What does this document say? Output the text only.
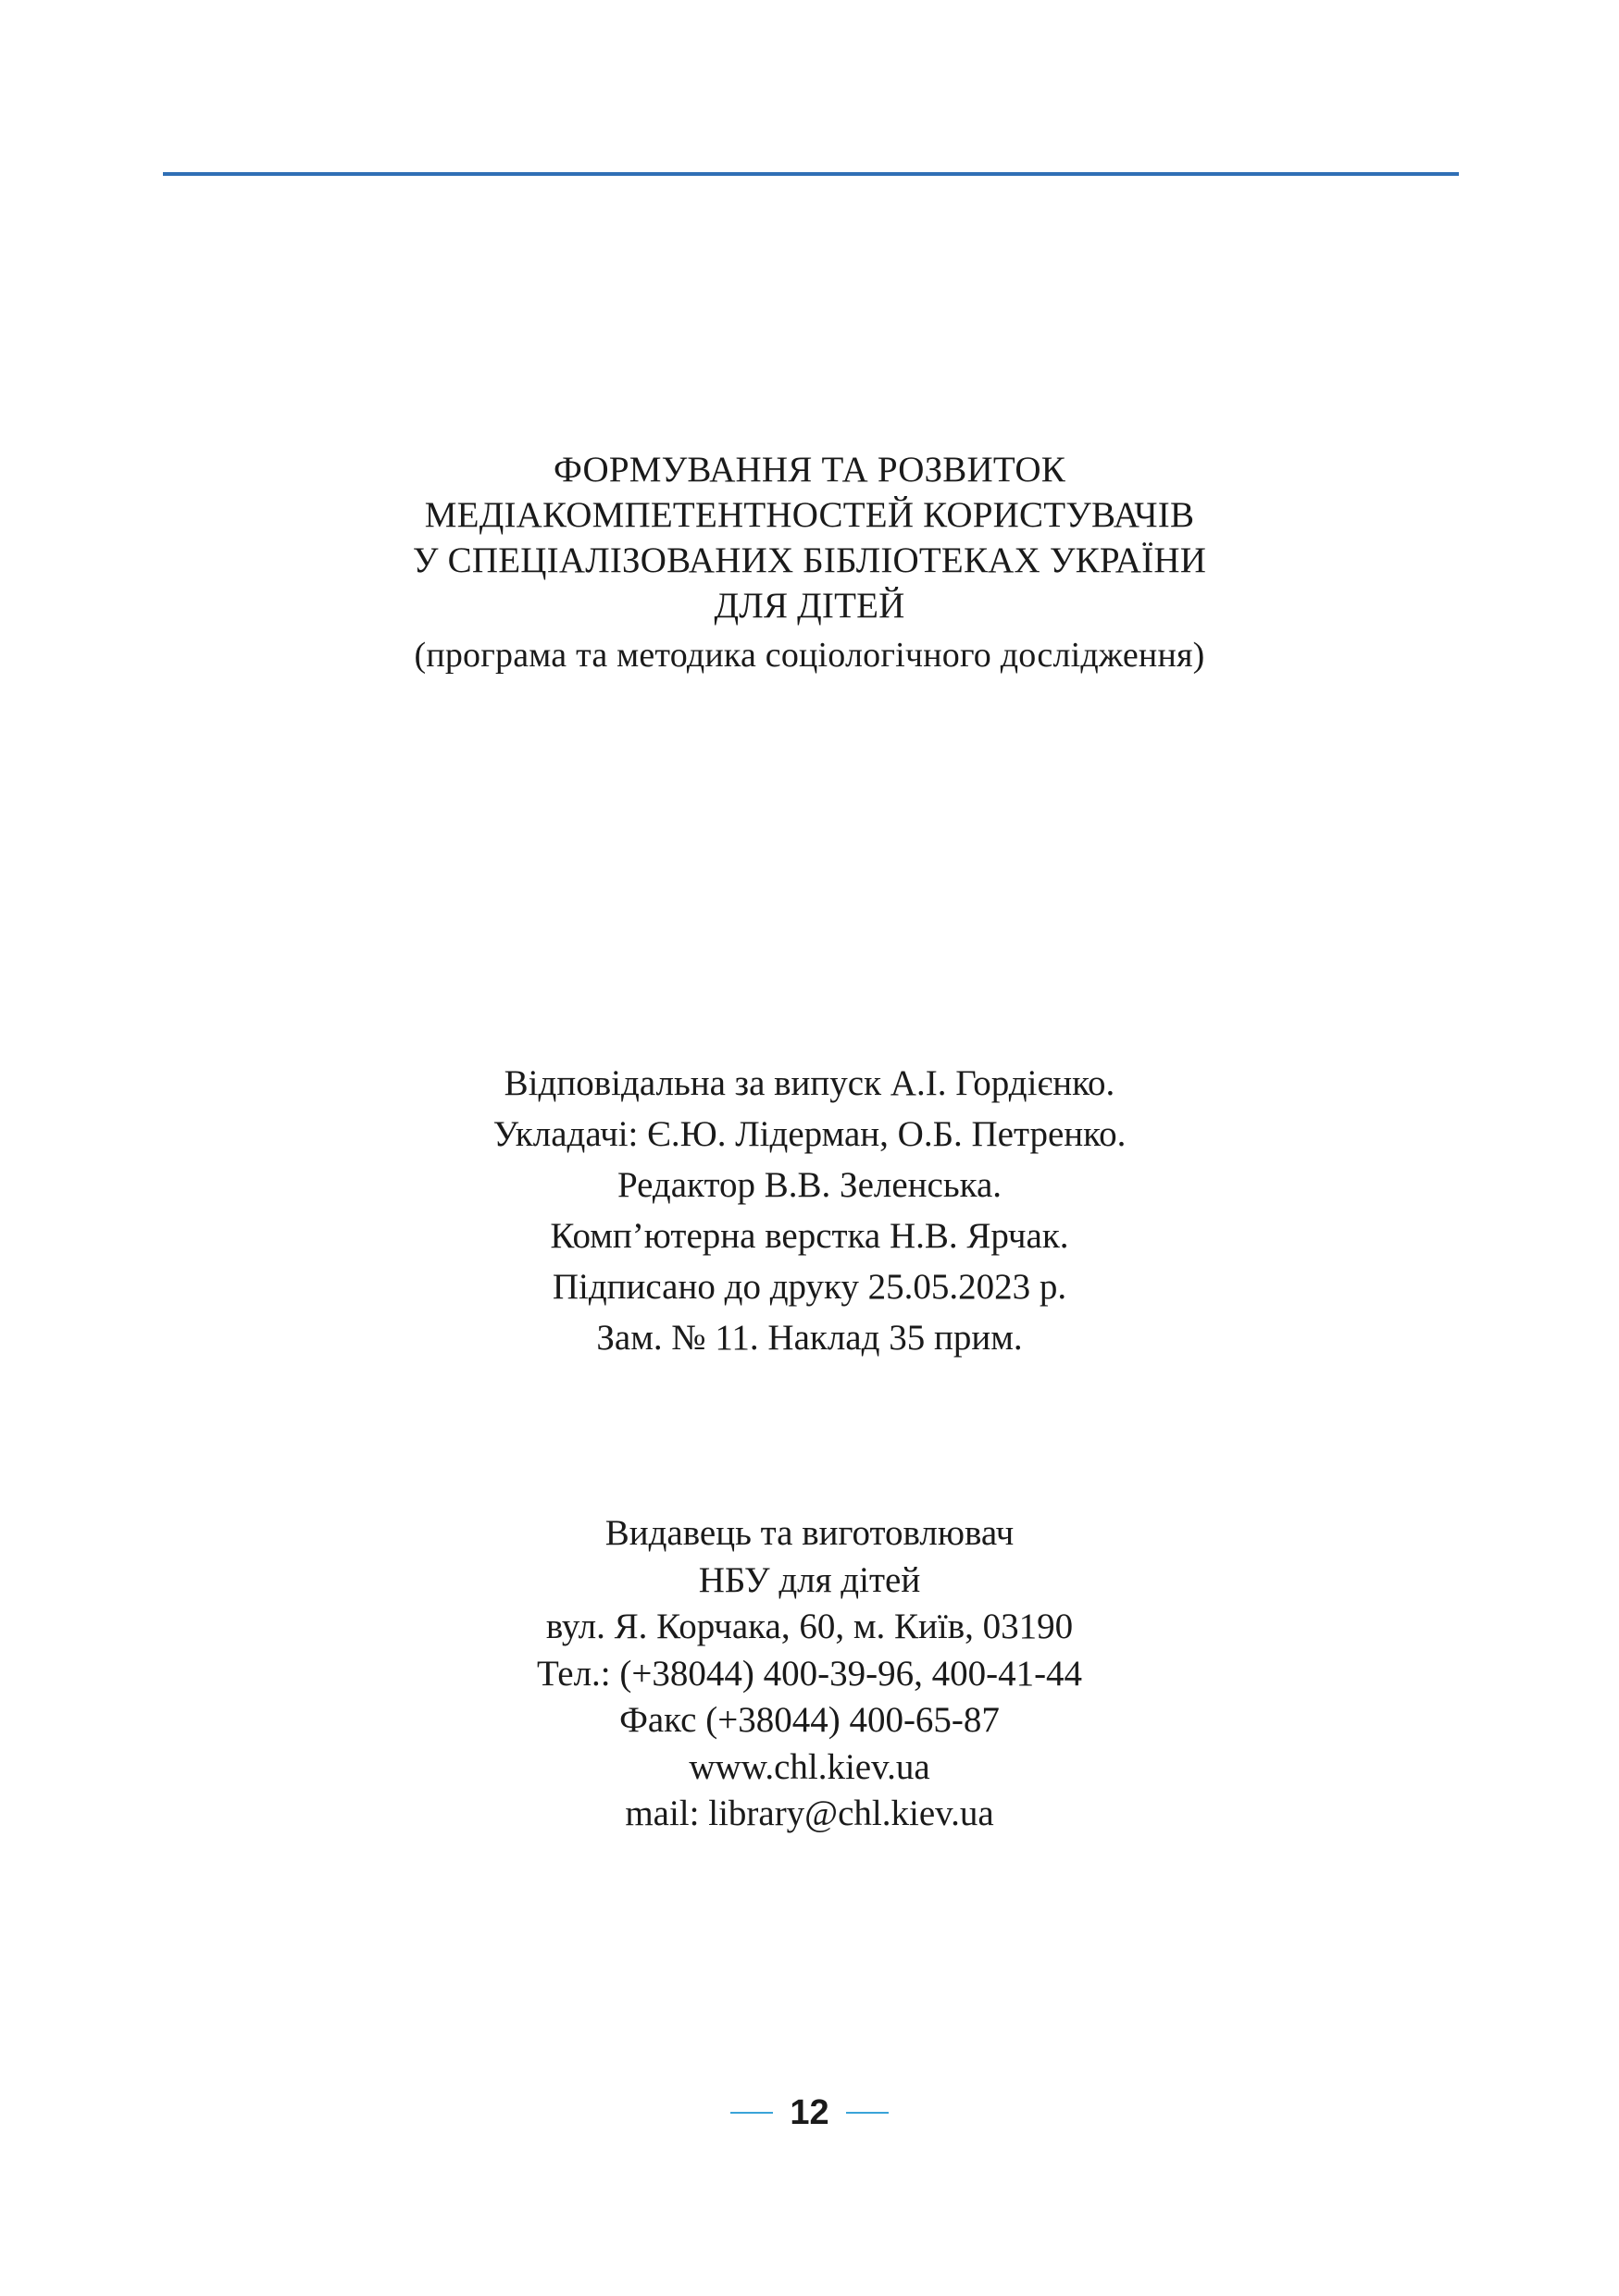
ФОРМУВАННЯ ТА РОЗВИТОК
МЕДІАКОМПЕТЕНТНОСТЕЙ КОРИСТУВАЧІВ
У СПЕЦІАЛІЗОВАНИХ БІБЛІОТЕКАХ УКРАЇНИ
ДЛЯ ДІТЕЙ
(програма та методика соціологічного дослідження)
Відповідальна за випуск А.І. Гордієнко.
Укладачі: Є.Ю. Лідерман, О.Б. Петренко.
Редактор В.В. Зеленська.
Комп’ютерна верстка Н.В. Ярчак.
Підписано до друку 25.05.2023 р.
Зам. № 11. Наклад 35 прим.
Видавець та виготовлювач
НБУ для дітей
вул. Я. Корчака, 60, м. Київ, 03190
Тел.: (+38044) 400-39-96, 400-41-44
Факс (+38044) 400-65-87
www.chl.kiev.ua
mail: library@chl.kiev.ua
12
